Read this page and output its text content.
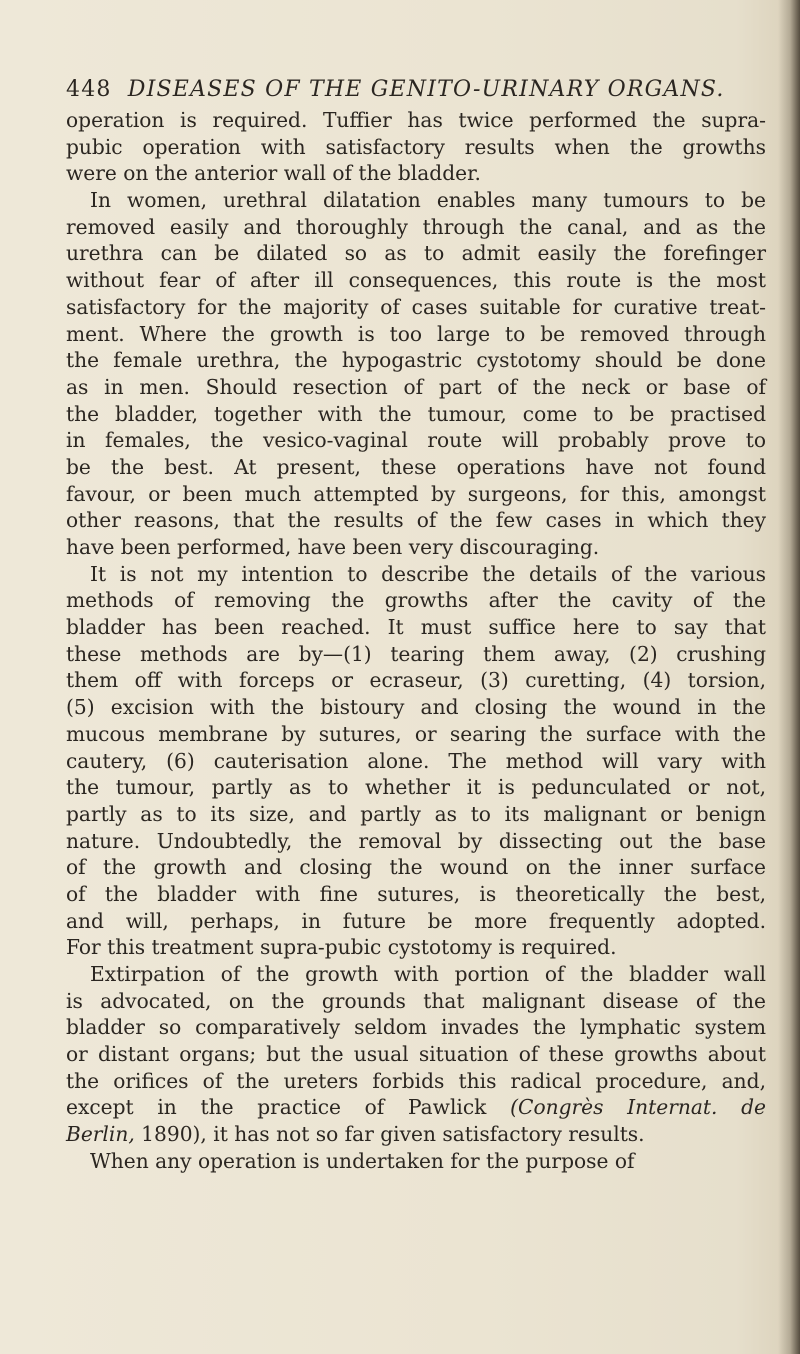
448 DISEASES OF THE GENITO-URINARY ORGANS.
operation is required. Tuffier has twice performed the supra-
pubic operation with satisfactory results when the growths
were on the anterior wall of the bladder.
In women, urethral dilatation enables many tumours to be
removed easily and thoroughly through the canal, and as the
urethra can be dilated so as to admit easily the forefinger
without fear of after ill consequences, this route is the most
satisfactory for the majority of cases suitable for curative treat-
ment. Where the growth is too large to be removed through
the female urethra, the hypogastric cystotomy should be done
as in men. Should resection of part of the neck or base of
the bladder, together with the tumour, come to be practised
in females, the vesico-vaginal route will probably prove to
be the best. At present, these operations have not found
favour, or been much attempted by surgeons, for this, amongst
other reasons, that the results of the few cases in which they
have been performed, have been very discouraging.
It is not my intention to describe the details of the various
methods of removing the growths after the cavity of the
bladder has been reached. It must suffice here to say that
these methods are by—(1) tearing them away, (2) crushing
them off with forceps or ecraseur, (3) curetting, (4) torsion,
(5) excision with the bistoury and closing the wound in the
mucous membrane by sutures, or searing the surface with the
cautery, (6) cauterisation alone. The method will vary with
the tumour, partly as to whether it is pedunculated or not,
partly as to its size, and partly as to its malignant or benign
nature. Undoubtedly, the removal by dissecting out the base
of the growth and closing the wound on the inner surface
of the bladder with fine sutures, is theoretically the best,
and will, perhaps, in future be more frequently adopted.
For this treatment supra-pubic cystotomy is required.
Extirpation of the growth with portion of the bladder wall
is advocated, on the grounds that malignant disease of the
bladder so comparatively seldom invades the lymphatic system
or distant organs; but the usual situation of these growths about
the orifices of the ureters forbids this radical procedure, and,
except in the practice of Pawlick (Congrès Internat. de
Berlin, 1890), it has not so far given satisfactory results.
When any operation is undertaken for the purpose of
